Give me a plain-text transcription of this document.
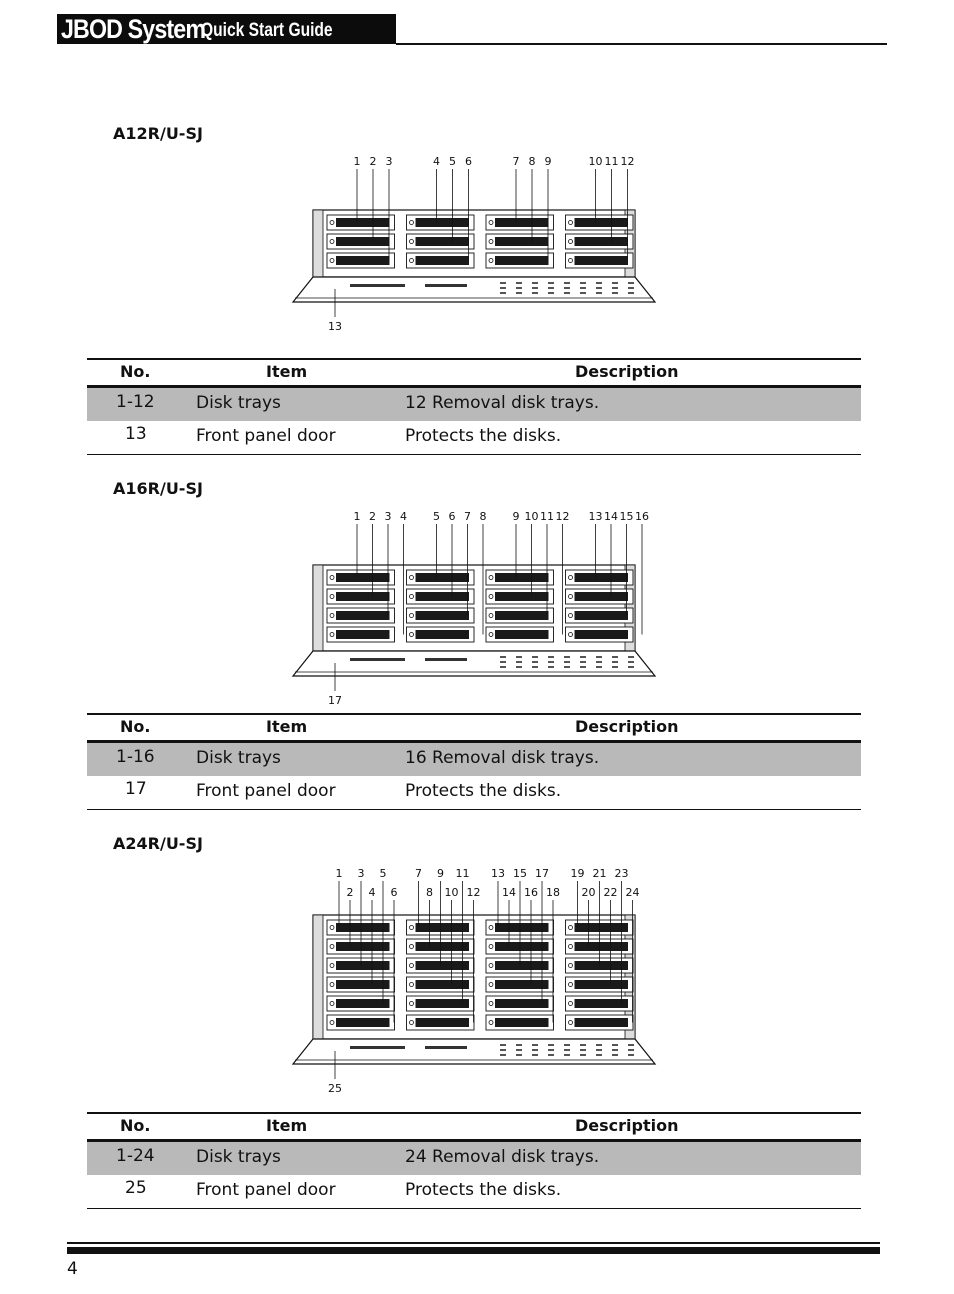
JBOD System
Quick Start Guide
A12R/U-SJ
1 2 3	4 5 6	7 8 9	10 11 12
13
No.	Item	Description
1-12 Disk trays	12 Removal disk trays.
13	Front panel door	Protects the disks.
A16R/U-SJ
1 2 3 4 5 6 7 8 9 10 11 12 13 14 15 16
17
No.	Item	Description
1-16 Disk trays	16 Removal disk trays.
17	Front panel door	Protects the disks.
A24R/U-SJ
1
2
3
4
5
6
7
8
9
10
11
12
13
14
15
16
17
18
19
20
21
22
23
24
25
No.	Item	Description
1-24 Disk trays	24 Removal disk trays.
25	Front panel door	Protects the disks.
4
